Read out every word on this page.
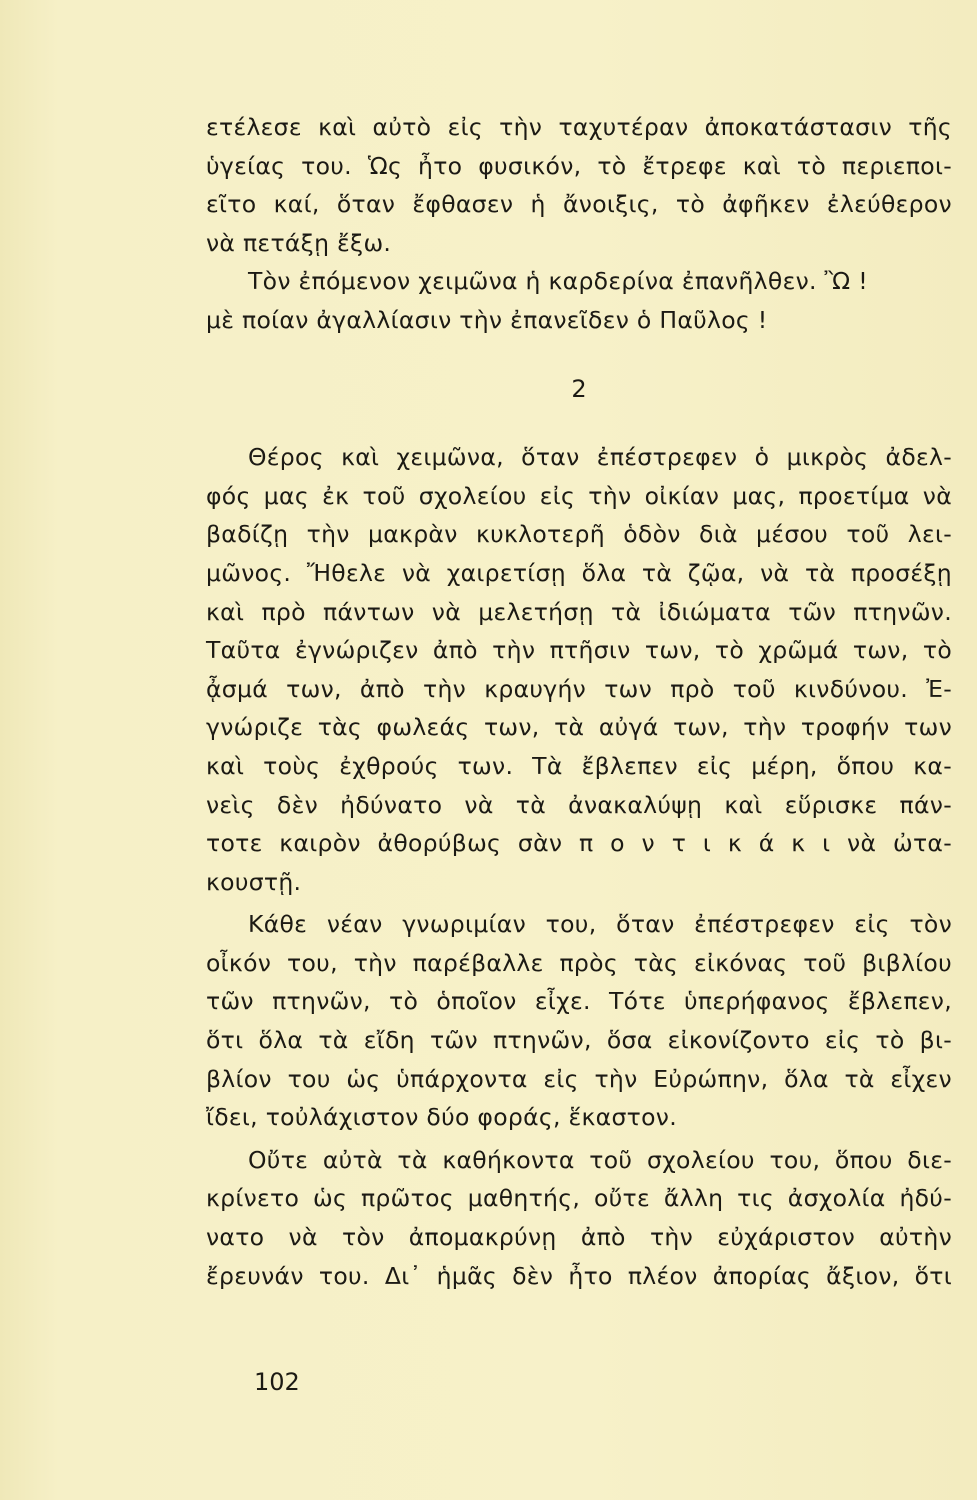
ετέλεσε καὶ αὐτὸ εἰς τὴν ταχυτέραν ἀποκατάστασιν τῆς
ὑγείας του. Ὡς ἦτο φυσικόν, τὸ ἔτρεφε καὶ τὸ περιεποι-
εῖτο καί, ὅταν ἔφθασεν ἡ ἄνοιξις, τὸ ἀφῆκεν ἐλεύθερον
νὰ πετάξῃ ἔξω.
Τὸν ἐπόμενον χειμῶνα ἡ καρδερίνα ἐπανῆλθεν. Ὢ !
μὲ ποίαν ἀγαλλίασιν τὴν ἐπανεῖδεν ὁ Παῦλος !
2
Θέρος καὶ χειμῶνα, ὅταν ἐπέστρεφεν ὁ μικρὸς ἀδελ-
φός μας ἐκ τοῦ σχολείου εἰς τὴν οἰκίαν μας, προετίμα νὰ
βαδίζῃ τὴν μακρὰν κυκλοτερῆ ὁδὸν διὰ μέσου τοῦ λει-
μῶνος. Ἤθελε νὰ χαιρετίσῃ ὅλα τὰ ζῷα, νὰ τὰ προσέξῃ
καὶ πρὸ πάντων νὰ μελετήσῃ τὰ ἰδιώματα τῶν πτηνῶν.
Ταῦτα ἐγνώριζεν ἀπὸ τὴν πτῆσιν των, τὸ χρῶμά των, τὸ
ᾆσμά των, ἀπὸ τὴν κραυγήν των πρὸ τοῦ κινδύνου. Ἐ-
γνώριζε τὰς φωλεάς των, τὰ αὐγά των, τὴν τροφήν των
καὶ τοὺς ἐχθρούς των. Τὰ ἔβλεπεν εἰς μέρη, ὅπου κα-
νεὶς δὲν ἠδύνατο νὰ τὰ ἀνακαλύψῃ καὶ εὕρισκε πάν-
τοτε καιρὸν ἀθορύβως σὰν π ο ν τ ι κ ά κ ι νὰ ὠτα-
κουστῇ.
Κάθε νέαν γνωριμίαν του, ὅταν ἐπέστρεφεν εἰς τὸν
οἶκόν του, τὴν παρέβαλλε πρὸς τὰς εἰκόνας τοῦ βιβλίου
τῶν πτηνῶν, τὸ ὁποῖον εἶχε. Τότε ὑπερήφανος ἔβλεπεν,
ὅτι ὅλα τὰ εἴδη τῶν πτηνῶν, ὅσα εἰκονίζοντο εἰς τὸ βι-
βλίον του ὡς ὑπάρχοντα εἰς τὴν Εὐρώπην, ὅλα τὰ εἶχεν
ἴδει, τοὐλάχιστον δύο φοράς, ἕκαστον.
Οὔτε αὐτὰ τὰ καθήκοντα τοῦ σχολείου του, ὅπου διε-
κρίνετο ὡς πρῶτος μαθητής, οὔτε ἄλλη τις ἀσχολία ἠδύ-
νατο νὰ τὸν ἀπομακρύνῃ ἀπὸ τὴν εὐχάριστον αὐτὴν
ἔρευνάν του. Δι᾽ ἡμᾶς δὲν ἦτο πλέον ἀπορίας ἄξιον, ὅτι
102
